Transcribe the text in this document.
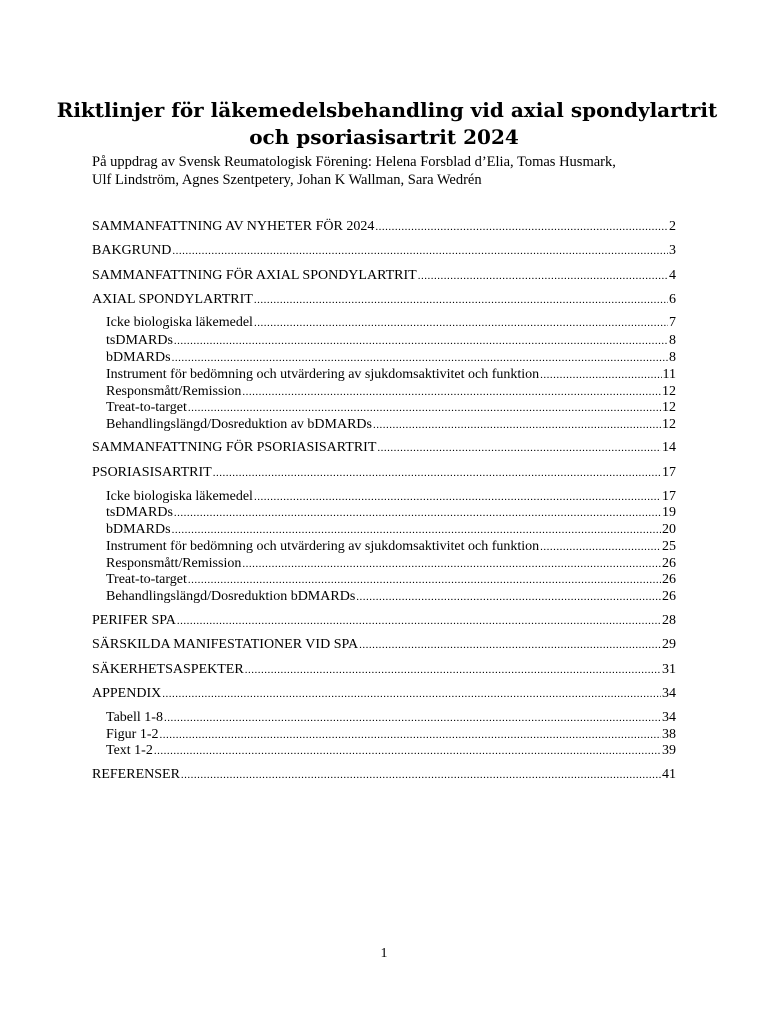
Riktlinjer för läkemedelsbehandling vid axial spondylartrit
och psoriasisartrit 2024
På uppdrag av Svensk Reumatologisk Förening: Helena Forsblad d’Elia, Tomas Husmark,
Ulf Lindström, Agnes Szentpetery, Johan K Wallman, Sara Wedrén
SAMMANFATTNING AV NYHETER FÖR 2024 .....	2
BAKGRUND .....	3
SAMMANFATTNING FÖR AXIAL SPONDYLARTRIT .....	4
AXIAL SPONDYLARTRIT .....	6
Icke biologiska läkemedel .....	7
tsDMARDs .....	8
bDMARDs .....	8
Instrument för bedömning och utvärdering av sjukdomsaktivitet och funktion .....	11
Responsmått/Remission .....	12
Treat-to-target .....	12
Behandlingslängd/Dosreduktion av bDMARDs .....	12
SAMMANFATTNING FÖR PSORIASISARTRIT .....	14
PSORIASISARTRIT .....	17
Icke biologiska läkemedel .....	17
tsDMARDs .....	19
bDMARDs .....	20
Instrument för bedömning och utvärdering av sjukdomsaktivitet och funktion .....	25
Responsmått/Remission .....	26
Treat-to-target .....	26
Behandlingslängd/Dosreduktion bDMARDs .....	26
PERIFER SPA .....	28
SÄRSKILDA MANIFESTATIONER VID SPA .....	29
SÄKERHETSASPEKTER .....	31
APPENDIX .....	34
Tabell 1-8 .....	34
Figur 1-2 .....	38
Text 1-2 .....	39
REFERENSER .....	41
1
